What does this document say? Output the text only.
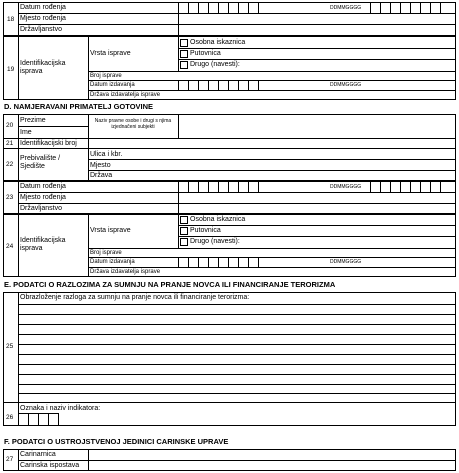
18
Datum rođenja
Mjesto rođenja
Državljanstvo
DDMMGGGG
19
Identifikacijska isprava
Vrsta isprave
Osobna iskaznica
Putovnica
Drugo (navesti):
Broj isprave
Datum izdavanja
Država izdavatelja isprave
DDMMGGGG
D. NAMJERAVANI PRIMATELJ GOTOVINE
20
Prezime
Ime
Naziv pravne osobe i drugi s njima izjednačeni subjekti
21 Identifikacijski broj
22
Prebivalište / Sjedište
Ulica i kbr.
Mjesto
Država
23
Datum rođenja
Mjesto rođenja
Državljanstvo
DDMMGGGG
24
Identifikacijska isprava
Vrsta isprave
Osobna iskaznica
Putovnica
Drugo (navesti):
Broj isprave
Datum izdavanja
Država izdavatelja isprave
DDMMGGGG
E. PODATCI O RAZLOZIMA ZA SUMNJU NA PRANJE NOVCA ILI FINANCIRANJE TERORIZMA
25
Obrazloženje razloga za sumnju na pranje novca ili financiranje terorizma:
26
Oznaka i naziv indikatora:
F. PODATCI O USTROJSTVENOJ JEDINICI CARINSKE UPRAVE
27
Carinarnica
Carinska ispostava
